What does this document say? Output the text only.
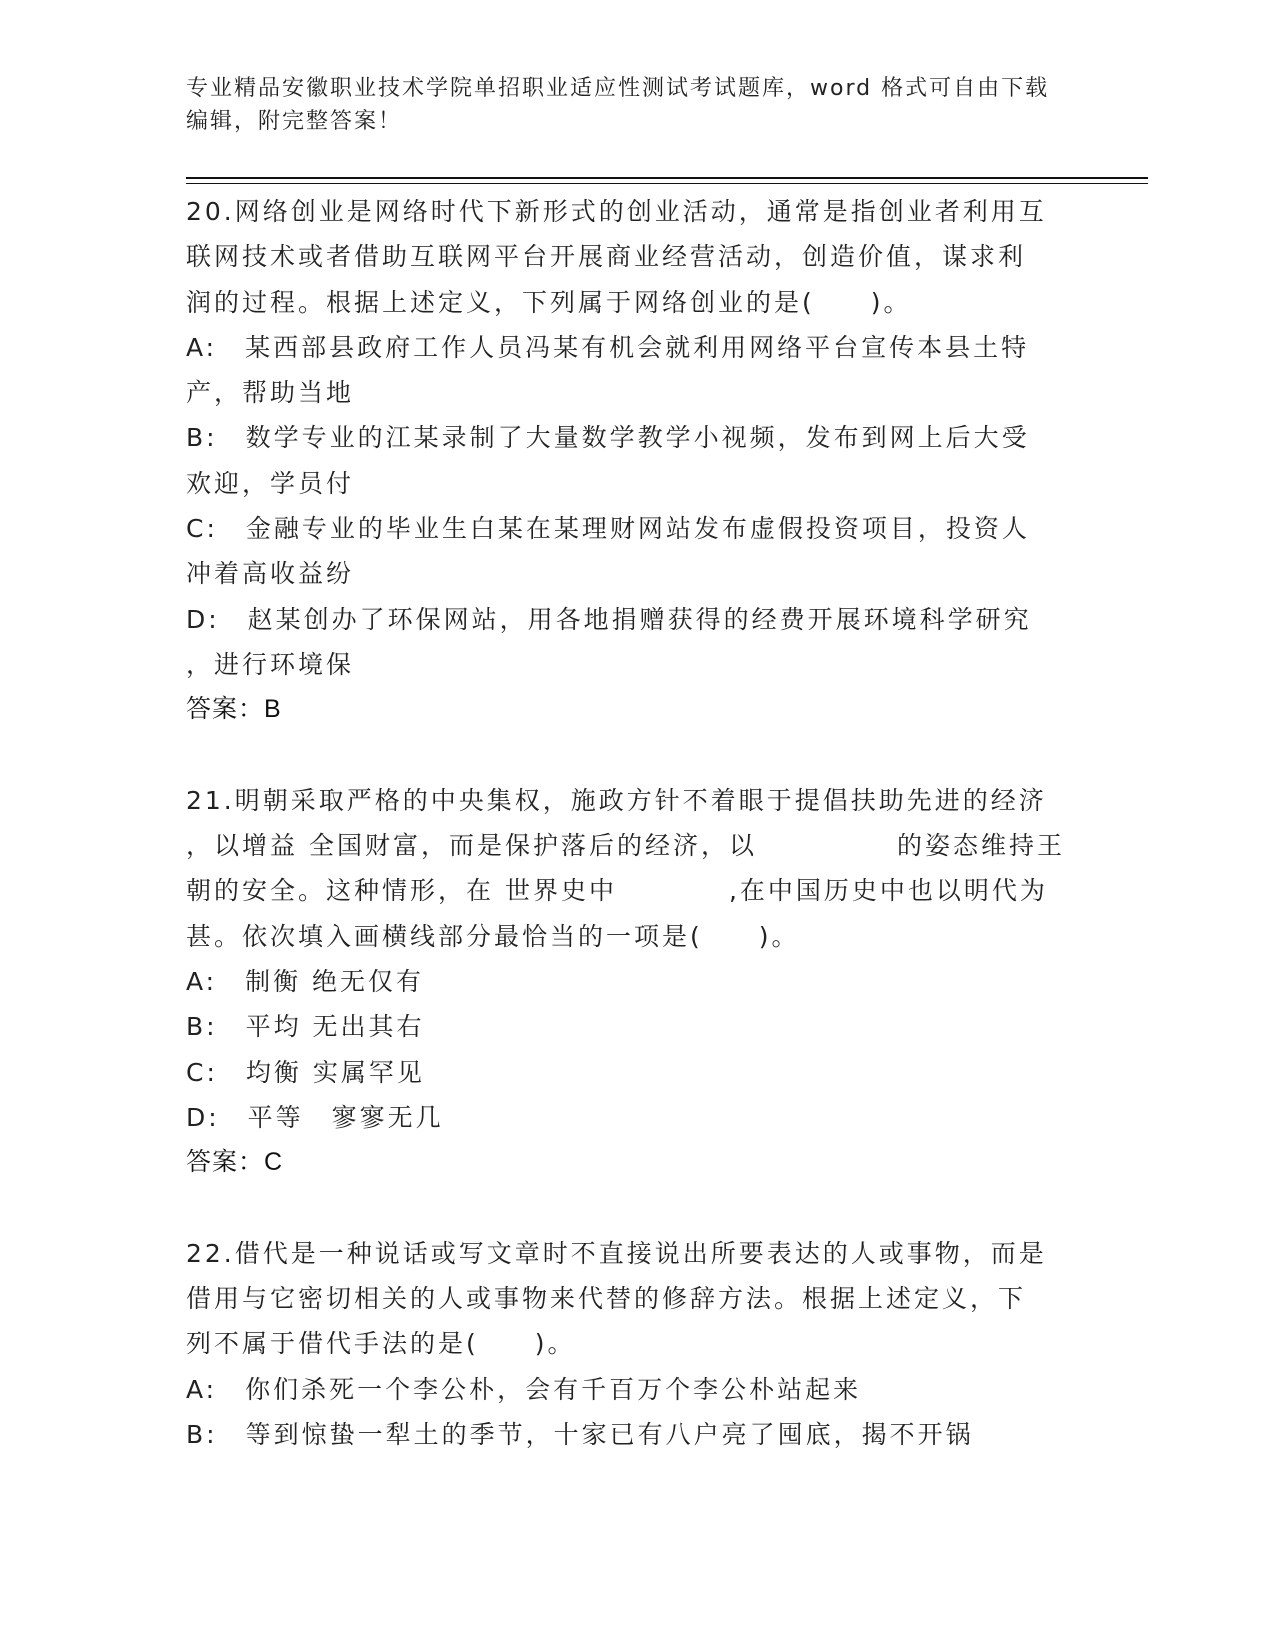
专业精品安徽职业技术学院单招职业适应性测试考试题库，word 格式可自由下载
编辑，附完整答案！
20.网络创业是网络时代下新形式的创业活动，通常是指创业者利用互
联网技术或者借助互联网平台开展商业经营活动，创造价值，谋求利
润的过程。根据上述定义，下列属于网络创业的是(　　)。
A:　某西部县政府工作人员冯某有机会就利用网络平台宣传本县土特
产，帮助当地
B:　数学专业的江某录制了大量数学教学小视频，发布到网上后大受
欢迎，学员付
C:　金融专业的毕业生白某在某理财网站发布虚假投资项目，投资人
冲着高收益纷
D:　赵某创办了环保网站，用各地捐赠获得的经费开展环境科学研究
，进行环境保
答案：B
21.明朝采取严格的中央集权，施政方针不着眼于提倡扶助先进的经济
，以增益 全国财富，而是保护落后的经济，以　　　　　的姿态维持王
朝的安全。这种情形，在 世界史中　　　　,在中国历史中也以明代为
甚。依次填入画横线部分最恰当的一项是(　　)。
A:　制衡 绝无仅有
B:　平均 无出其右
C:　均衡 实属罕见
D:　平等　寥寥无几
答案：C
22.借代是一种说话或写文章时不直接说出所要表达的人或事物，而是
借用与它密切相关的人或事物来代替的修辞方法。根据上述定义，下
列不属于借代手法的是(　　)。
A:　你们杀死一个李公朴，会有千百万个李公朴站起来
B:　等到惊蛰一犁土的季节，十家已有八户亮了囤底，揭不开锅
